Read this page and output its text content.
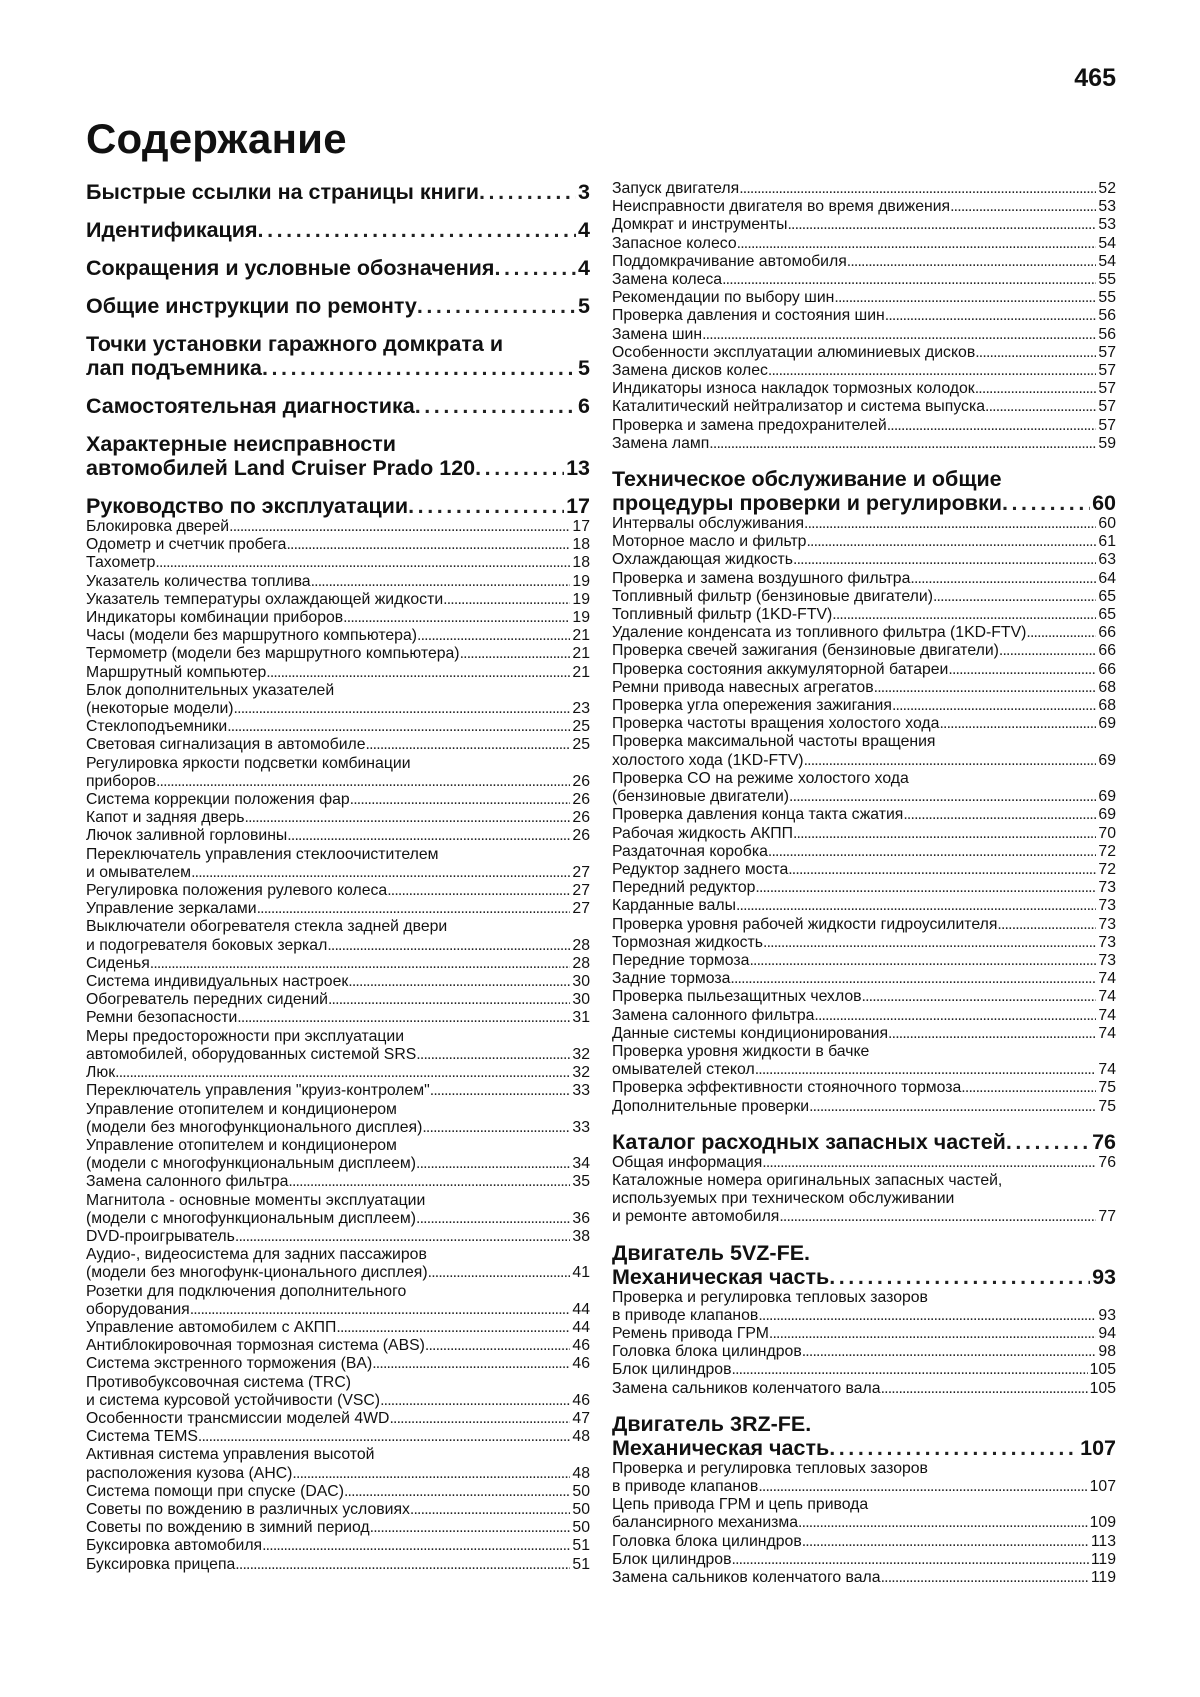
465
Содержание
Быстрые ссылки на страницы книги . . .	3
Идентификация . . .	4
Сокращения и условные обозначения . . .	4
Общие инструкции по ремонту . . .	5
Точки установки гаражного домкрата и
лап подъемника . . .	5
Самостоятельная диагностика . . .	6
Характерные неисправности
автомобилей Land Cruiser Prado 120 . . .	13
Руководство по эксплуатации . . .	17
Блокировка дверей . . .	17
Одометр и счетчик пробега . . .	18
Тахометр . . .	18
Указатель количества топлива . . .	19
Указатель температуры охлаждающей жидкости . . .	19
Индикаторы комбинации приборов . . .	19
Часы (модели без маршрутного компьютера) . . .	21
Термометр (модели без маршрутного компьютера) . . .	21
Маршрутный компьютер . . .	21
Блок дополнительных указателей
(некоторые модели) . . .	23
Стеклоподъемники . . .	25
Световая сигнализация в автомобиле . . .	25
Регулировка яркости подсветки комбинации
приборов . . .	26
Система коррекции положения фар . . .	26
Капот и задняя дверь . . .	26
Лючок заливной горловины . . .	26
Переключатель управления стеклоочистителем
и омывателем . . .	27
Регулировка положения рулевого колеса . . .	27
Управление зеркалами . . .	27
Выключатели обогревателя стекла задней двери
и подогревателя боковых зеркал . . .	28
Сиденья . . .	28
Система индивидуальных настроек . . .	30
Обогреватель передних сидений . . .	30
Ремни безопасности . . .	31
Меры предосторожности при эксплуатации
автомобилей, оборудованных системой SRS . . .	32
Люк . . .	32
Переключатель управления "круиз-контролем" . . .	33
Управление отопителем и кондиционером
(модели без многофункционального дисплея) . . .	33
Управление отопителем и кондиционером
(модели с многофункциональным дисплеем) . . .	34
Замена салонного фильтра . . .	35
Магнитола - основные моменты эксплуатации
(модели с многофункциональным дисплеем) . . .	36
DVD-проигрыватель . . .	38
Аудио-, видеосистема для задних пассажиров
(модели без многофунк-ционального дисплея) . . .	41
Розетки для подключения дополнительного
оборудования . . .	44
Управление автомобилем с АКПП . . .	44
Антиблокировочная тормозная система (ABS) . . .	46
Система экстренного торможения (BA) . . .	46
Противобуксовочная система (TRC)
и система курсовой устойчивости (VSC) . . .	46
Особенности трансмиссии моделей 4WD . . .	47
Система TEMS . . .	48
Активная система управления высотой
расположения кузова (AHC) . . .	48
Система помощи при спуске (DAC) . . .	50
Советы по вождению в различных условиях . . .	50
Советы по вождению в зимний период . . .	50
Буксировка автомобиля . . .	51
Буксировка прицепа . . .	51
Запуск двигателя . . .	52
Неисправности двигателя во время движения . . .	53
Домкрат и инструменты . . .	53
Запасное колесо . . .	54
Поддомкрачивание автомобиля . . .	54
Замена колеса . . .	55
Рекомендации по выбору шин . . .	55
Проверка давления и состояния шин . . .	56
Замена шин . . .	56
Особенности эксплуатации алюминиевых дисков . . .	57
Замена дисков колес . . .	57
Индикаторы износа накладок тормозных колодок . . .	57
Каталитический нейтрализатор и система выпуска . . .	57
Проверка и замена предохранителей . . .	57
Замена ламп . . .	59
Техническое обслуживание и общие
процедуры проверки и регулировки . . .	60
Интервалы обслуживания . . .	60
Моторное масло и фильтр . . .	61
Охлаждающая жидкость . . .	63
Проверка и замена воздушного фильтра . . .	64
Топливный фильтр (бензиновые двигатели) . . .	65
Топливный фильтр (1KD-FTV) . . .	65
Удаление конденсата из топливного фильтра (1KD-FTV) . . .	66
Проверка свечей зажигания (бензиновые двигатели) . . .	66
Проверка состояния аккумуляторной батареи . . .	66
Ремни привода навесных агрегатов . . .	68
Проверка угла опережения зажигания . . .	68
Проверка частоты вращения холостого хода . . .	69
Проверка максимальной частоты вращения
холостого хода (1KD-FTV) . . .	69
Проверка CO на режиме холостого хода
(бензиновые двигатели) . . .	69
Проверка давления конца такта сжатия . . .	69
Рабочая жидкость АКПП . . .	70
Раздаточная коробка . . .	72
Редуктор заднего моста . . .	72
Передний редуктор . . .	73
Карданные валы . . .	73
Проверка уровня рабочей жидкости гидроусилителя . . .	73
Тормозная жидкость . . .	73
Передние тормоза . . .	73
Задние тормоза . . .	74
Проверка пыльезащитных чехлов . . .	74
Замена салонного фильтра . . .	74
Данные системы кондиционирования . . .	74
Проверка уровня жидкости в бачке
омывателей стекол . . .	74
Проверка эффективности стояночного тормоза . . .	75
Дополнительные проверки . . .	75
Каталог расходных запасных частей . . .	76
Общая информация . . .	76
Каталожные номера оригинальных запасных частей,
используемых при техническом обслуживании
и ремонте автомобиля . . .	77
Двигатель 5VZ-FE.
Механическая часть . . .	93
Проверка и регулировка тепловых зазоров
в приводе клапанов . . .	93
Ремень привода ГРМ . . .	94
Головка блока цилиндров . . .	98
Блок цилиндров . . .	105
Замена сальников коленчатого вала . . .	105
Двигатель 3RZ-FE.
Механическая часть . . .	107
Проверка и регулировка тепловых зазоров
в приводе клапанов . . .	107
Цепь привода ГРМ и цепь привода
балансирного механизма . . .	109
Головка блока цилиндров . . .	113
Блок цилиндров . . .	119
Замена сальников коленчатого вала . . .	119
